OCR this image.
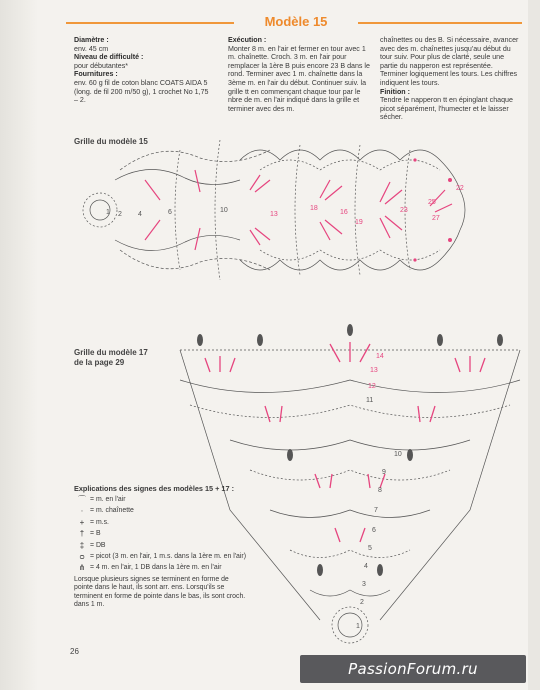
Modèle 15

Diamètre :

env. 45 cm

Niveau de difficulté :

pour débutantes*

Fournitures :

env. 60 g fil de coton blanc COATS AIDA 5 (long. de fil 200 m/50 g), 1 crochet No 1,75 – 2.

Exécution :

Monter 8 m. en l'air et fermer en tour avec 1 m. chaînette. Croch. 3 m. en l'air pour remplacer la 1ère B puis encore 23 B dans le rond. Terminer avec 1 m. chaînette dans la 3ème m. en l'air du début. Continuer suiv. la grille tt en commençant chaque tour par le nbre de m. en l'air indiqué dans la grille et terminer avec des m.

chaînettes ou des B. Si nécessaire, avancer avec des m. chaînettes jusqu'au début du tour suiv. Pour plus de clarté, seule une partie du napperon est représentée. Terminer logiquement les tours. Les chiffres indiquent les tours.

Finition :

Tendre le napperon tt en épinglant chaque picot séparément, l'humecter et le laisser sécher.

Grille du modèle 15
22
25
27
23
16
18
19
13
10
6
4
2
1
Grille du modèle 17
de la page 29
14
13
12
11
10
9
8
7
6
5
4
3
2
1
Explications des signes des modèles 15 + 17 :
⌒ = m. en l'air
∙ = m. chaînette
+ = m.s.
† = B
‡ = DB
ᴑ = picot (3 m. en l'air, 1 m.s. dans la 1ère m. en l'air)
⋔ = 4 m. en l'air, 1 DB dans la 1ère m. en l'air
Lorsque plusieurs signes se terminent en forme de pointe dans le haut, ils sont arr. ens. Lorsqu'ils se terminent en forme de pointe dans le bas, ils sont croch. dans 1 m.
26
PassionForum.ru
